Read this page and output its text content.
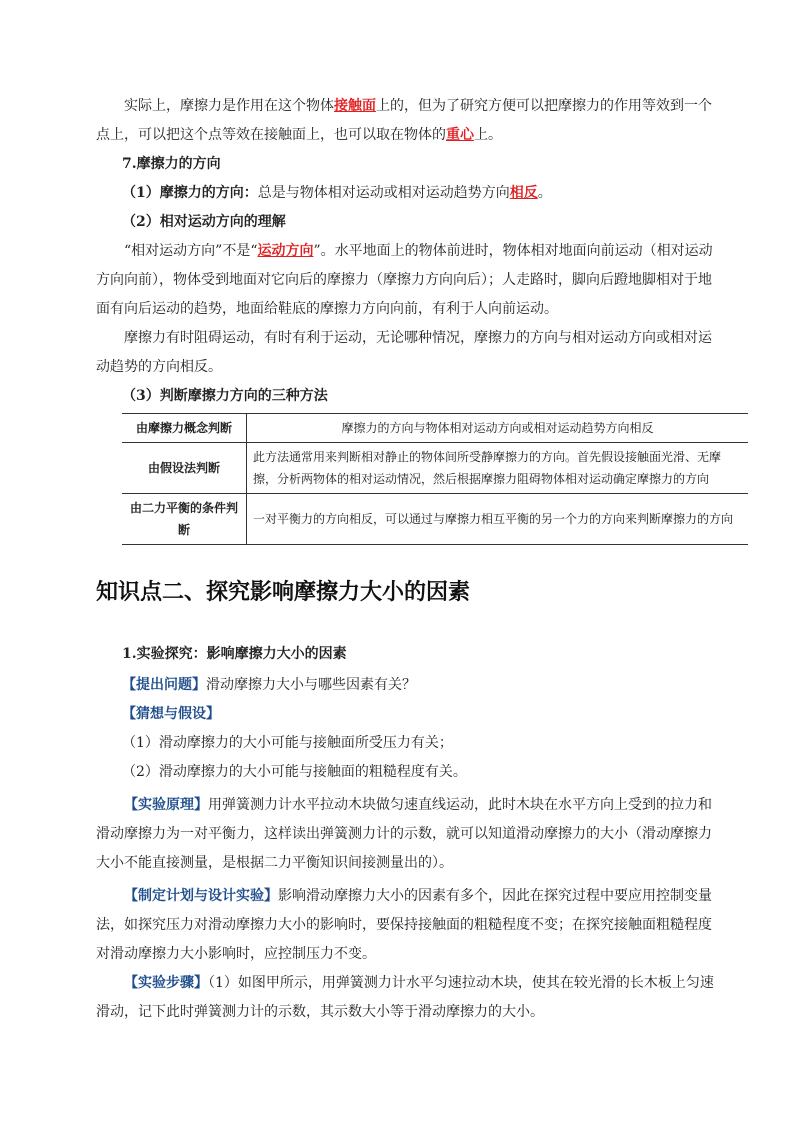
实际上，摩擦力是作用在这个物体接触面上的，但为了研究方便可以把摩擦力的作用等效到一个点上，可以把这个点等效在接触面上，也可以取在物体的重心上。

7.摩擦力的方向

（1）摩擦力的方向：总是与物体相对运动或相对运动趋势方向相反。

（2）相对运动方向的理解

“相对运动方向”不是“运动方向”。水平地面上的物体前进时，物体相对地面向前运动（相对运动方向向前），物体受到地面对它向后的摩擦力（摩擦力方向向后）；人走路时，脚向后蹬地脚相对于地面有向后运动的趋势，地面给鞋底的摩擦力方向向前，有利于人向前运动。

摩擦力有时阻碍运动，有时有利于运动，无论哪种情况，摩擦力的方向与相对运动方向或相对运动趋势的方向相反。

（3）判断摩擦力方向的三种方法

由摩擦力概念判断	摩擦力的方向与物体相对运动方向或相对运动趋势方向相反
由假设法判断	此方法通常用来判断相对静止的物体间所受静摩擦力的方向。首先假设接触面光滑、无摩擦，分析两物体的相对运动情况，然后根据摩擦力阻碍物体相对运动确定摩擦力的方向
由二力平衡的条件判断	一对平衡力的方向相反，可以通过与摩擦力相互平衡的另一个力的方向来判断摩擦力的方向
知识点二、探究影响摩擦力大小的因素

1.实验探究：影响摩擦力大小的因素

【提出问题】滑动摩擦力大小与哪些因素有关？

【猜想与假设】

（1）滑动摩擦力的大小可能与接触面所受压力有关；

（2）滑动摩擦力的大小可能与接触面的粗糙程度有关。

【实验原理】用弹簧测力计水平拉动木块做匀速直线运动，此时木块在水平方向上受到的拉力和滑动摩擦力为一对平衡力，这样读出弹簧测力计的示数，就可以知道滑动摩擦力的大小（滑动摩擦力大小不能直接测量，是根据二力平衡知识间接测量出的）。

【制定计划与设计实验】影响滑动摩擦力大小的因素有多个，因此在探究过程中要应用控制变量法，如探究压力对滑动摩擦力大小的影响时，要保持接触面的粗糙程度不变；在探究接触面粗糙程度对滑动摩擦力大小影响时，应控制压力不变。

【实验步骤】（1）如图甲所示，用弹簧测力计水平匀速拉动木块，使其在较光滑的长木板上匀速滑动，记下此时弹簧测力计的示数，其示数大小等于滑动摩擦力的大小。
